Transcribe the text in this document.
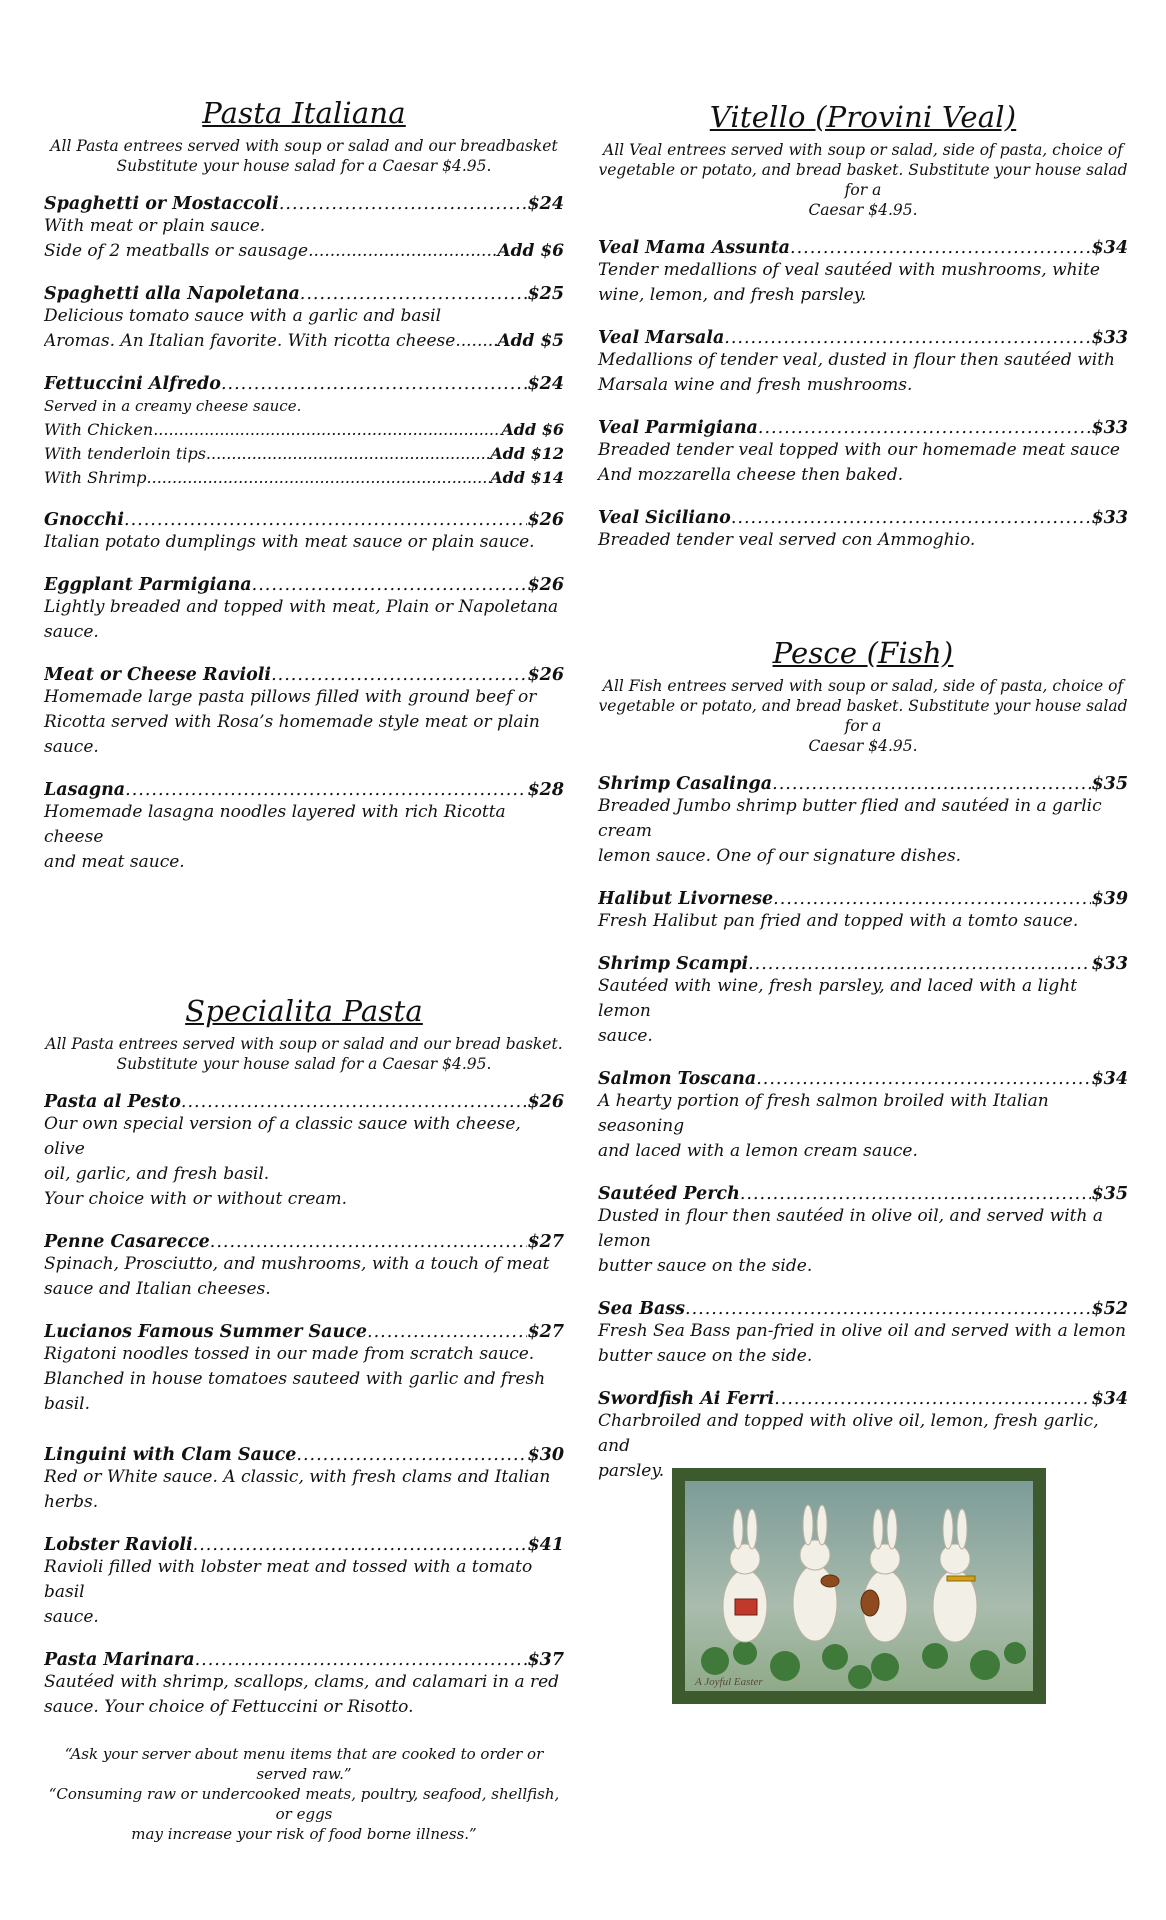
Pasta Italiana
All Pasta entrees served with soup or salad and our breadbasket
Substitute your house salad for a Caesar $4.95.
Spaghetti or Mostaccoli .....	$24
With meat or plain sauce.
Side of 2 meatballs or sausage .....	Add $6
Spaghetti alla Napoletana .....	$25
Delicious tomato sauce with a garlic and basil
Aromas. An Italian favorite. With ricotta cheese ..... Add $5
Fettuccini Alfredo .....	$24
Served in a creamy cheese sauce.
With Chicken .....	Add $6
With tenderloin tips .....	Add $12
With Shrimp .....	Add $14
Gnocchi .....	$26
Italian potato dumplings with meat sauce or plain sauce.
Eggplant Parmigiana .....	$26
Lightly breaded and topped with meat, Plain or Napoletana
sauce.
Meat or Cheese Ravioli .....	$26
Homemade large pasta pillows filled with ground beef or
Ricotta served with Rosa’s homemade style meat or plain sauce.
Lasagna .....	$28
Homemade lasagna noodles layered with rich Ricotta cheese
and meat sauce.
Specialita Pasta
All Pasta entrees served with soup or salad and our bread basket.
Substitute your house salad for a Caesar $4.95.
Pasta al Pesto .....	$26
Our own special version of a classic sauce with cheese, olive
oil, garlic, and fresh basil.
Your choice with or without cream.
Penne Casarecce .....	$27
Spinach, Prosciutto, and mushrooms, with a touch of meat
sauce and Italian cheeses.
Lucianos Famous Summer Sauce .....	$27
Rigatoni noodles tossed in our made from scratch sauce.
Blanched in house tomatoes sauteed with garlic and fresh
basil.
Linguini with Clam Sauce .....	$30
Red or White sauce. A classic, with fresh clams and Italian
herbs.
Lobster Ravioli .....	$41
Ravioli filled with lobster meat and tossed with a tomato basil
sauce.
Pasta Marinara .....	$37
Sautéed with shrimp, scallops, clams, and calamari in a red
sauce. Your choice of Fettuccini or Risotto.
“Ask your server about menu items that are cooked to order or served raw.”
“Consuming raw or undercooked meats, poultry, seafood, shellfish, or eggs
may increase your risk of food borne illness.”
Vitello (Provini Veal)
All Veal entrees served with soup or salad, side of pasta, choice of
vegetable or potato, and bread basket. Substitute your house salad for a
Caesar $4.95.
Veal Mama Assunta .....	$34
Tender medallions of veal sautéed with mushrooms, white
wine, lemon, and fresh parsley.
Veal Marsala .....	$33
Medallions of tender veal, dusted in flour then sautéed with
Marsala wine and fresh mushrooms.
Veal Parmigiana .....	$33
Breaded tender veal topped with our homemade meat sauce
And mozzarella cheese then baked.
Veal Siciliano .....	$33
Breaded tender veal served con Ammoghio.
Pesce (Fish)
All Fish entrees served with soup or salad, side of pasta, choice of
vegetable or potato, and bread basket. Substitute your house salad for a
Caesar $4.95.
Shrimp Casalinga .....	$35
Breaded Jumbo shrimp butter flied and sautéed in a garlic cream
lemon sauce. One of our signature dishes.
Halibut Livornese .....	$39
Fresh Halibut pan fried and topped with a tomto sauce.
Shrimp Scampi .....	$33
Sautéed with wine, fresh parsley, and laced with a light lemon
sauce.
Salmon Toscana .....	$34
A hearty portion of fresh salmon broiled with Italian seasoning
and laced with a lemon cream sauce.
Sautéed Perch .....	$35
Dusted in flour then sautéed in olive oil, and served with a lemon
butter sauce on the side.
Sea Bass .....	$52
Fresh Sea Bass pan-fried in olive oil and served with a lemon
butter sauce on the side.
Swordfish Ai Ferri .....	$34
Charbroiled and topped with olive oil, lemon, fresh garlic, and
parsley.
A Joyful Easter
